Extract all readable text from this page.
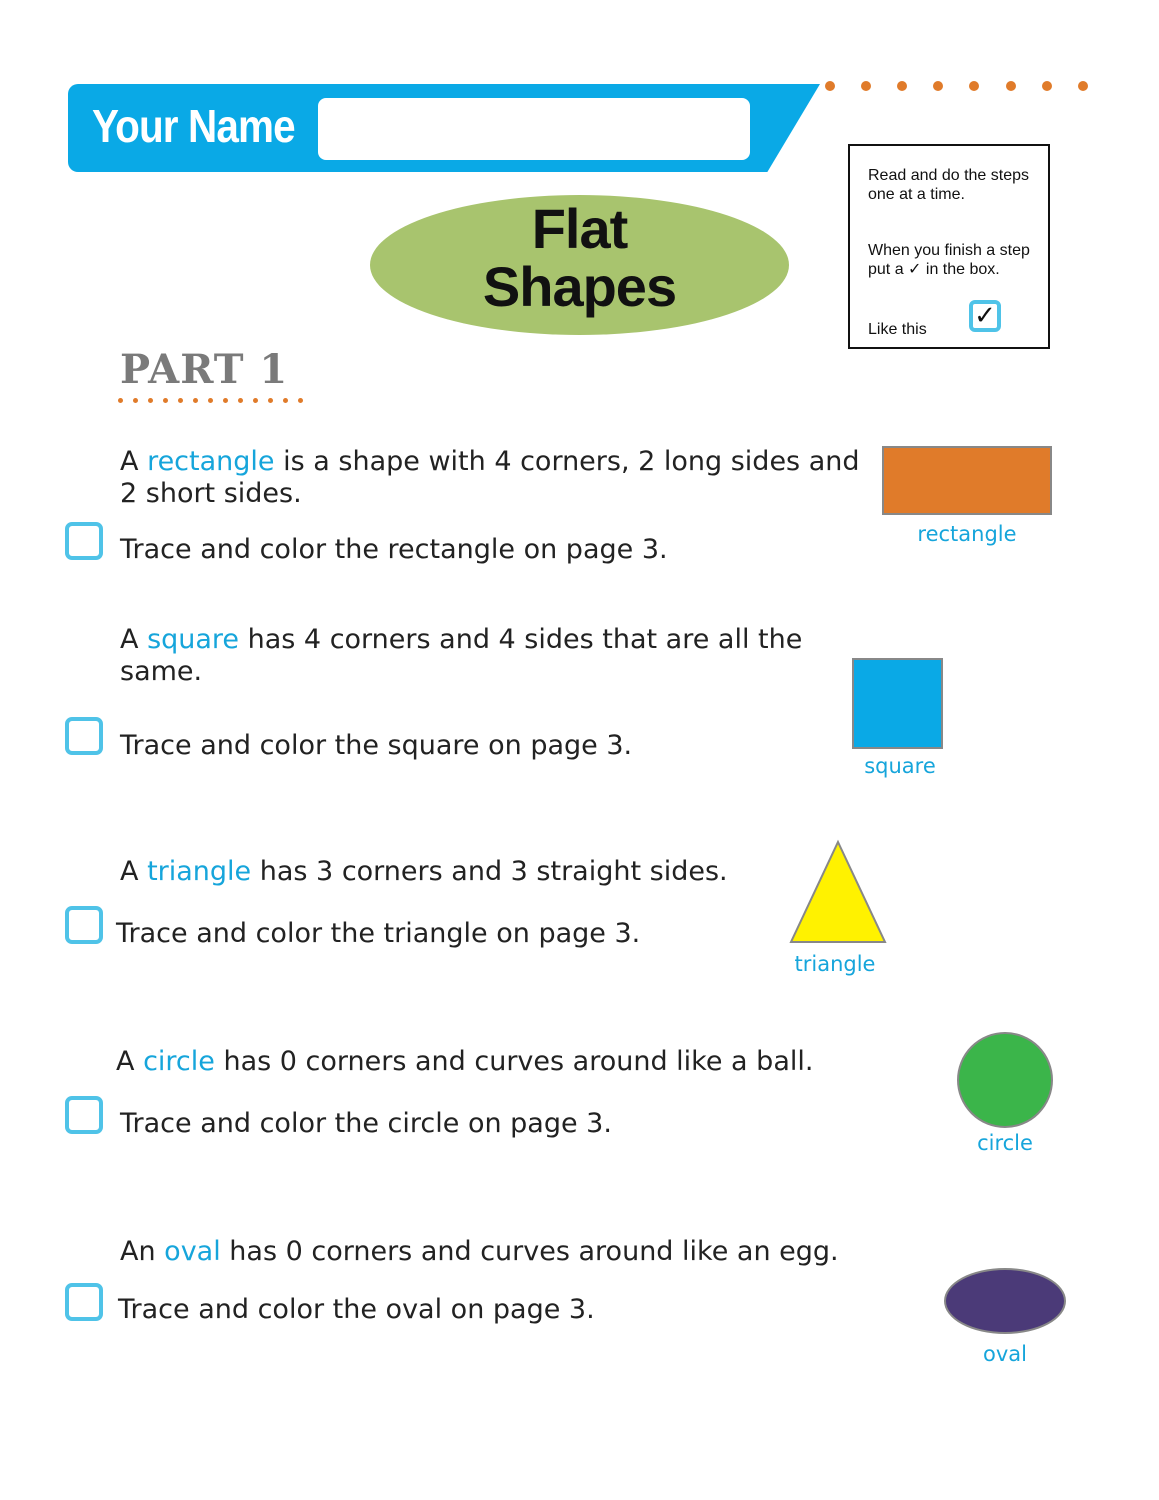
Your Name
Flat
Shapes
Read and do the steps one at a time.
When you finish a step put a ✓ in the box.
Like this	✓
PART 1
A rectangle is a shape with 4 corners, 2 long sides and 2 short sides.
Trace and color the rectangle on page 3.	rectangle
A square has 4 corners and 4 sides that are all the same.
Trace and color the square on page 3.
square
A triangle has 3 corners and 3 straight sides.
Trace and color the triangle on page 3.
triangle
A circle has 0 corners and curves around like a ball.
Trace and color the circle on page 3.
circle
An oval has 0 corners and curves around like an egg.
Trace and color the oval on page 3.
oval
